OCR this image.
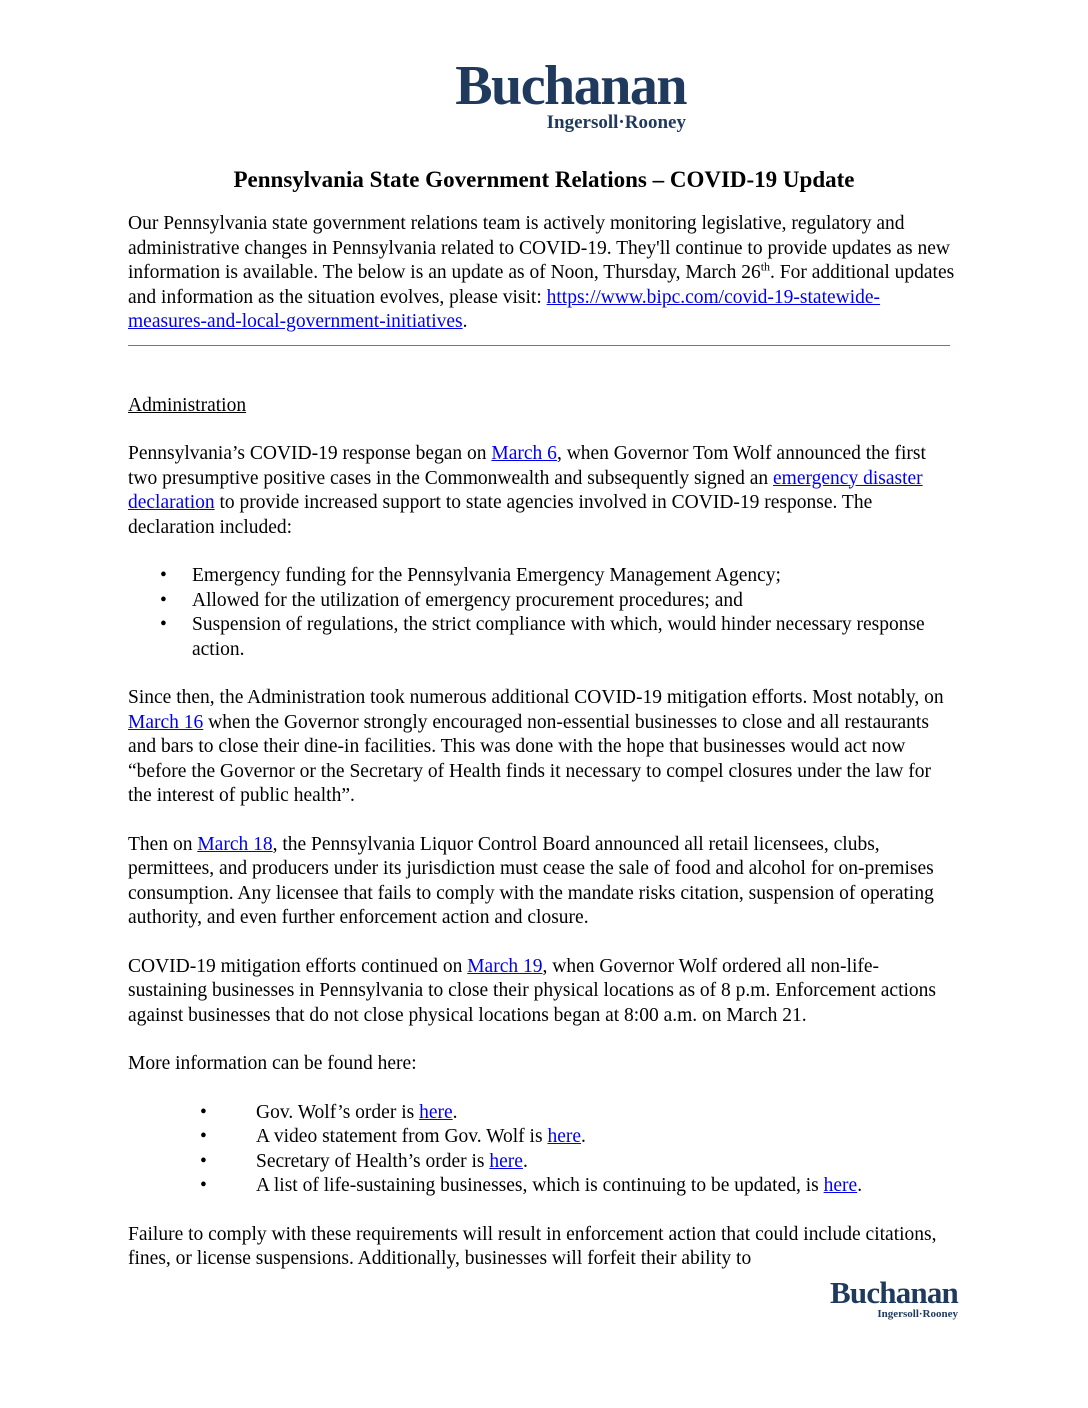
Buchanan
Ingersoll·Rooney
Pennsylvania State Government Relations – COVID-19 Update

Our Pennsylvania state government relations team is actively monitoring legislative, regulatory and administrative changes in Pennsylvania related to COVID-19. They'll continue to provide updates as new information is available. The below is an update as of Noon, Thursday, March 26th. For additional updates and information as the situation evolves, please visit: https://www.bipc.com/covid-19-statewide-measures-and-local-government-initiatives.

Administration

Pennsylvania’s COVID-19 response began on March 6, when Governor Tom Wolf announced the first two presumptive positive cases in the Commonwealth and subsequently signed an emergency disaster declaration to provide increased support to state agencies involved in COVID-19 response. The declaration included:

• Emergency funding for the Pennsylvania Emergency Management Agency;
• Allowed for the utilization of emergency procurement procedures; and
• Suspension of regulations, the strict compliance with which, would hinder necessary response action.

Since then, the Administration took numerous additional COVID-19 mitigation efforts. Most notably, on March 16 when the Governor strongly encouraged non-essential businesses to close and all restaurants and bars to close their dine-in facilities. This was done with the hope that businesses would act now “before the Governor or the Secretary of Health finds it necessary to compel closures under the law for the interest of public health”.

Then on March 18, the Pennsylvania Liquor Control Board announced all retail licensees, clubs, permittees, and producers under its jurisdiction must cease the sale of food and alcohol for on-premises consumption. Any licensee that fails to comply with the mandate risks citation, suspension of operating authority, and even further enforcement action and closure.

COVID-19 mitigation efforts continued on March 19, when Governor Wolf ordered all non-life-sustaining businesses in Pennsylvania to close their physical locations as of 8 p.m. Enforcement actions against businesses that do not close physical locations began at 8:00 a.m. on March 21.

More information can be found here:

• Gov. Wolf’s order is here.
• A video statement from Gov. Wolf is here.
• Secretary of Health’s order is here.
• A list of life-sustaining businesses, which is continuing to be updated, is here.

Failure to comply with these requirements will result in enforcement action that could include citations, fines, or license suspensions. Additionally, businesses will forfeit their ability to

Buchanan
Ingersoll·Rooney
